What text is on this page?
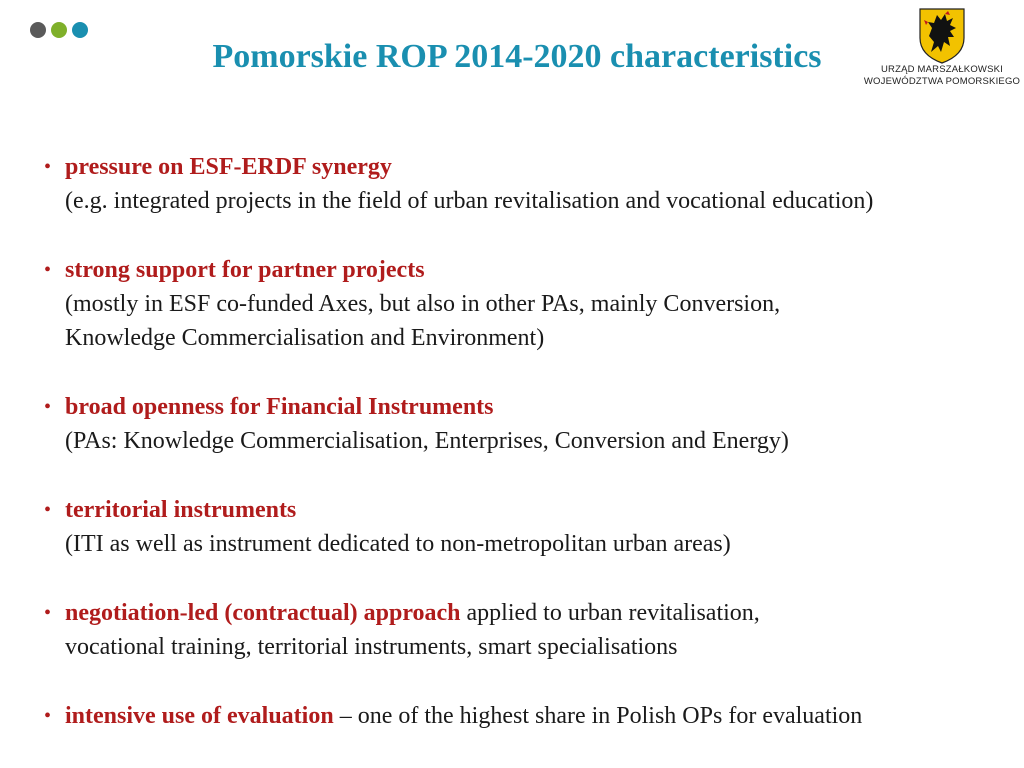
Pomorskie ROP 2014-2020 characteristics	URZĄD MARSZAŁKOWSKI
WOJEWÓDZTWA POMORSKIEGO
• pressure on ESF-ERDF synergy
(e.g. integrated projects in the field of urban revitalisation and vocational education)
• strong support for partner projects
(mostly in ESF co-funded Axes, but also in other PAs, mainly Conversion,
Knowledge Commercialisation and Environment)
• broad openness for Financial Instruments
(PAs: Knowledge Commercialisation, Enterprises, Conversion and Energy)
• territorial instruments
(ITI as well as instrument dedicated to non-metropolitan urban areas)
• negotiation-led (contractual) approach applied to urban revitalisation,
vocational training, territorial instruments, smart specialisations
• intensive use of evaluation – one of the highest share in Polish OPs for evaluation
